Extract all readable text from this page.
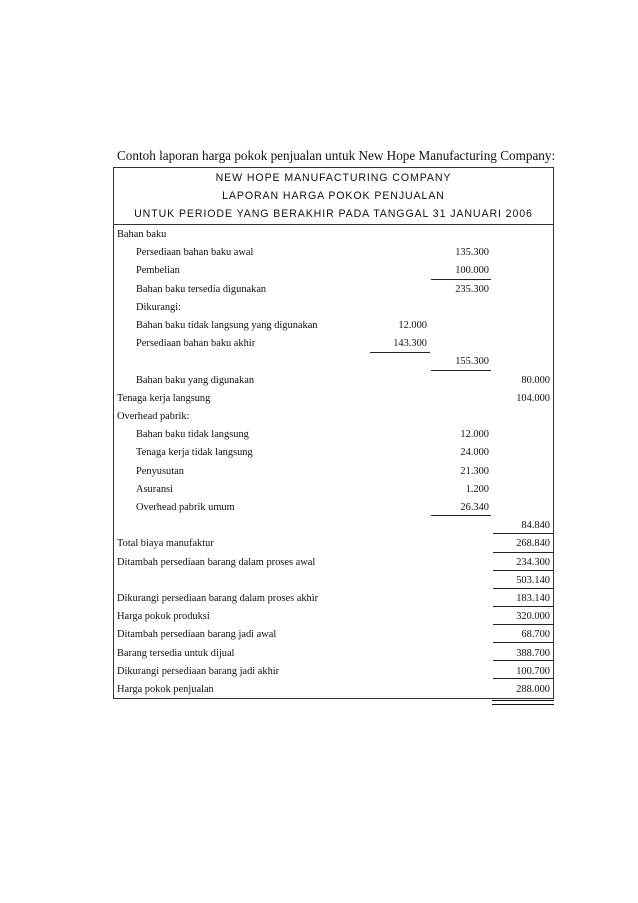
Contoh laporan harga pokok penjualan untuk New Hope Manufacturing Company:
NEW HOPE MANUFACTURING COMPANY
LAPORAN HARGA POKOK PENJUALAN
UNTUK PERIODE YANG BERAKHIR PADA TANGGAL 31 JANUARI 2006
Bahan baku
Persediaan bahan baku awal	135.300
Pembelian	100.000
Bahan baku tersedia digunakan	235.300
Dikurangi:
Bahan baku tidak langsung yang digunakan	12.000
Persediaan bahan baku akhir	143.300
155.300
Bahan baku yang digunakan	80.000
Tenaga kerja langsung	104.000
Overhead pabrik:
Bahan baku tidak langsung	12.000
Tenaga kerja tidak langsung	24.000
Penyusutan	21.300
Asuransi	1.200
Overhead pabrik umum	26.340
84.840
Total biaya manufaktur	268.840
Ditambah persediaan barang dalam proses awal	234.300
503.140
Dikurangi persediaan barang dalam proses akhir	183.140
Harga pokok produksi	320.000
Ditambah persediaan barang jadi awal	68.700
Barang tersedia untuk dijual	388.700
Dikurangi persediaan barang jadi akhir	100.700
Harga pokok penjualan	288.000
